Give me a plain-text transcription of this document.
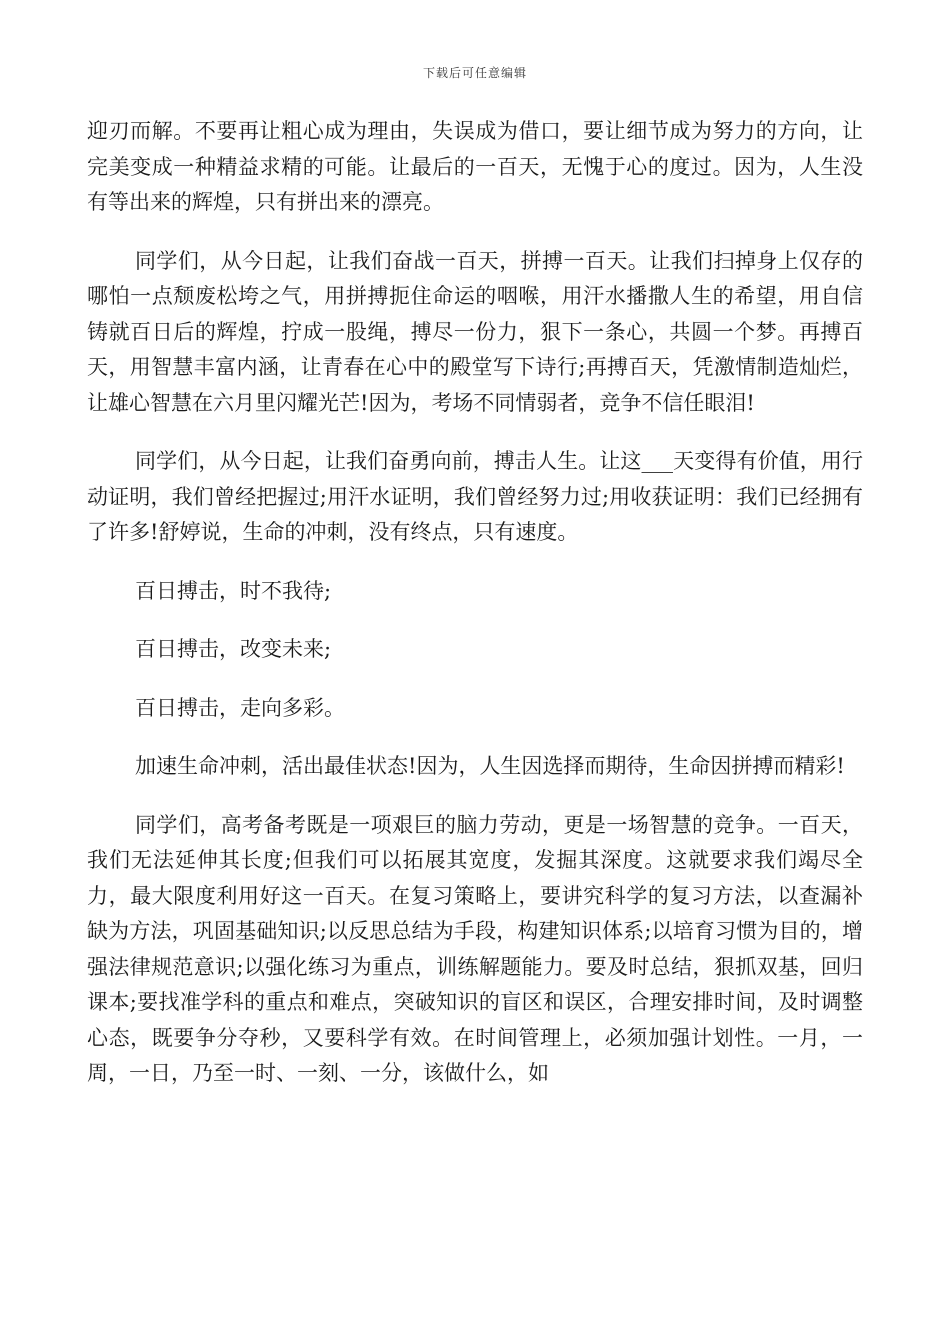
下载后可任意编辑

迎刃而解。不要再让粗心成为理由，失误成为借口，要让细节成为努力的方向，让完美变成一种精益求精的可能。让最后的一百天，无愧于心的度过。因为，人生没有等出来的辉煌，只有拼出来的漂亮。

同学们，从今日起，让我们奋战一百天，拼搏一百天。让我们扫掉身上仅存的哪怕一点颓废松垮之气，用拼搏扼住命运的咽喉，用汗水播撒人生的希望，用自信铸就百日后的辉煌，拧成一股绳，搏尽一份力，狠下一条心，共圆一个梦。再搏百天，用智慧丰富内涵，让青春在心中的殿堂写下诗行;再搏百天，凭激情制造灿烂，让雄心智慧在六月里闪耀光芒!因为，考场不同情弱者，竞争不信任眼泪!

同学们，从今日起，让我们奋勇向前，搏击人生。让这___天变得有价值，用行动证明，我们曾经把握过;用汗水证明，我们曾经努力过;用收获证明：我们已经拥有了许多!舒婷说，生命的冲刺，没有终点，只有速度。

百日搏击，时不我待;

百日搏击，改变未来;

百日搏击，走向多彩。

加速生命冲刺，活出最佳状态!因为，人生因选择而期待，生命因拼搏而精彩!

同学们，高考备考既是一项艰巨的脑力劳动，更是一场智慧的竞争。一百天，我们无法延伸其长度;但我们可以拓展其宽度，发掘其深度。这就要求我们竭尽全力，最大限度利用好这一百天。在复习策略上，要讲究科学的复习方法，以查漏补缺为方法，巩固基础知识;以反思总结为手段，构建知识体系;以培育习惯为目的，增强法律规范意识;以强化练习为重点，训练解题能力。要及时总结，狠抓双基，回归课本;要找准学科的重点和难点，突破知识的盲区和误区，合理安排时间，及时调整心态，既要争分夺秒，又要科学有效。在时间管理上，必须加强计划性。一月，一周，一日，乃至一时、一刻、一分，该做什么，如
